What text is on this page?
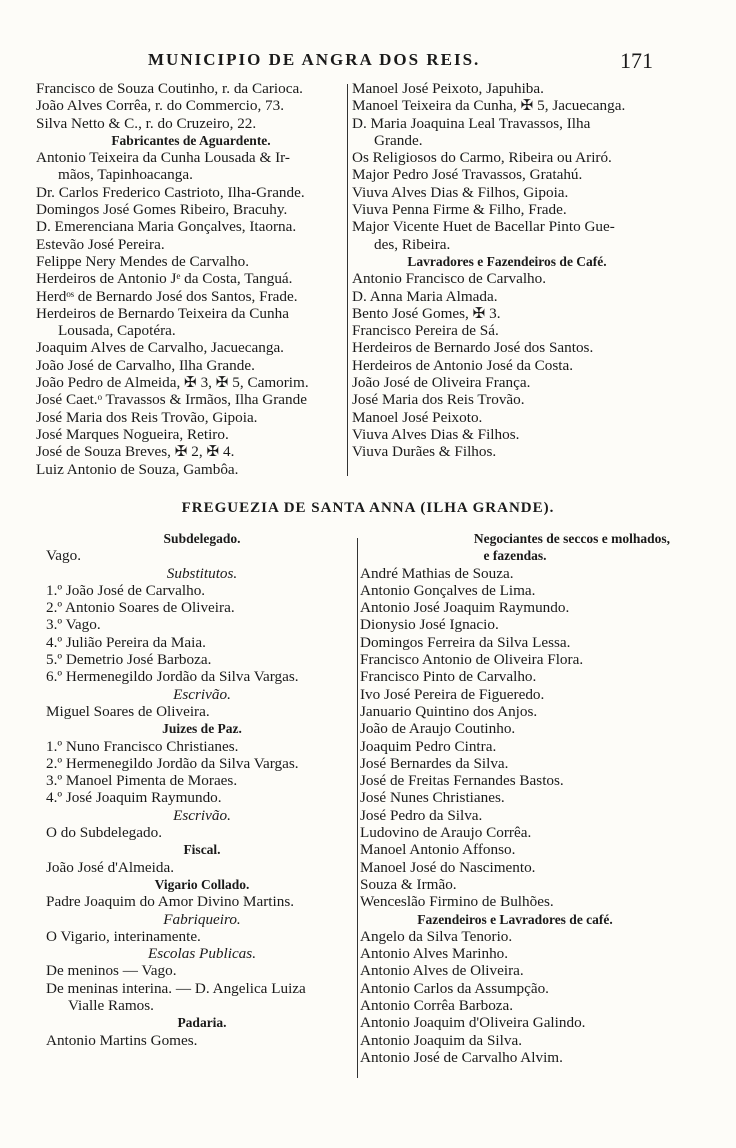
MUNICIPIO DE ANGRA DOS REIS.	171
Francisco de Souza Coutinho, r. da Carioca.
João Alves Corrêa, r. do Commercio, 73.
Silva Netto & C., r. do Cruzeiro, 22.
Fabricantes de Aguardente.
Antonio Teixeira da Cunha Lousada & Ir-
mãos, Tapinhoacanga.
Dr. Carlos Frederico Castrioto, Ilha-Grande.
Domingos José Gomes Ribeiro, Bracuhy.
D. Emerenciana Maria Gonçalves, Itaorna.
Estevão José Pereira.
Felippe Nery Mendes de Carvalho.
Herdeiros de Antonio Jᵉ da Costa, Tanguá.
Herdᵒˢ de Bernardo José dos Santos, Frade.
Herdeiros de Bernardo Teixeira da Cunha
Lousada, Capotéra.
Joaquim Alves de Carvalho, Jacuecanga.
João José de Carvalho, Ilha Grande.
João Pedro de Almeida, ✠ 3, ✠ 5, Camorim.
José Caet.ᵒ Travassos & Irmãos, Ilha Grande
José Maria dos Reis Trovão, Gipoia.
José Marques Nogueira, Retiro.
José de Souza Breves, ✠ 2, ✠ 4.
Luiz Antonio de Souza, Gambôa.
Manoel José Peixoto, Japuhiba.
Manoel Teixeira da Cunha, ✠ 5, Jacuecanga.
D. Maria Joaquina Leal Travassos, Ilha
Grande.
Os Religiosos do Carmo, Ribeira ou Ariró.
Major Pedro José Travassos, Gratahú.
Viuva Alves Dias & Filhos, Gipoia.
Viuva Penna Firme & Filho, Frade.
Major Vicente Huet de Bacellar Pinto Gue-
des, Ribeira.
Lavradores e Fazendeiros de Café.
Antonio Francisco de Carvalho.
D. Anna Maria Almada.
Bento José Gomes, ✠ 3.
Francisco Pereira de Sá.
Herdeiros de Bernardo José dos Santos.
Herdeiros de Antonio José da Costa.
João José de Oliveira França.
José Maria dos Reis Trovão.
Manoel José Peixoto.
Viuva Alves Dias & Filhos.
Viuva Durães & Filhos.
FREGUEZIA DE SANTA ANNA (ILHA GRANDE).
Subdelegado.
Vago.
Substitutos.
1.º João José de Carvalho.
2.º Antonio Soares de Oliveira.
3.º Vago.
4.º Julião Pereira da Maia.
5.º Demetrio José Barboza.
6.º Hermenegildo Jordão da Silva Vargas.
Escrivão.
Miguel Soares de Oliveira.
Juizes de Paz.
1.º Nuno Francisco Christianes.
2.º Hermenegildo Jordão da Silva Vargas.
3.º Manoel Pimenta de Moraes.
4.º José Joaquim Raymundo.
Escrivão.
O do Subdelegado.
Fiscal.
João José d'Almeida.
Vigario Collado.
Padre Joaquim do Amor Divino Martins.
Fabriqueiro.
O Vigario, interinamente.
Escolas Publicas.
De meninos — Vago.
De meninas interina. — D. Angelica Luiza
Vialle Ramos.
Padaria.
Antonio Martins Gomes.
Negociantes de seccos e molhados,
e fazendas.
André Mathias de Souza.
Antonio Gonçalves de Lima.
Antonio José Joaquim Raymundo.
Dionysio José Ignacio.
Domingos Ferreira da Silva Lessa.
Francisco Antonio de Oliveira Flora.
Francisco Pinto de Carvalho.
Ivo José Pereira de Figueredo.
Januario Quintino dos Anjos.
João de Araujo Coutinho.
Joaquim Pedro Cintra.
José Bernardes da Silva.
José de Freitas Fernandes Bastos.
José Nunes Christianes.
José Pedro da Silva.
Ludovino de Araujo Corrêa.
Manoel Antonio Affonso.
Manoel José do Nascimento.
Souza & Irmão.
Wenceslão Firmino de Bulhões.
Fazendeiros e Lavradores de café.
Angelo da Silva Tenorio.
Antonio Alves Marinho.
Antonio Alves de Oliveira.
Antonio Carlos da Assumpção.
Antonio Corrêa Barboza.
Antonio Joaquim d'Oliveira Galindo.
Antonio Joaquim da Silva.
Antonio José de Carvalho Alvim.
